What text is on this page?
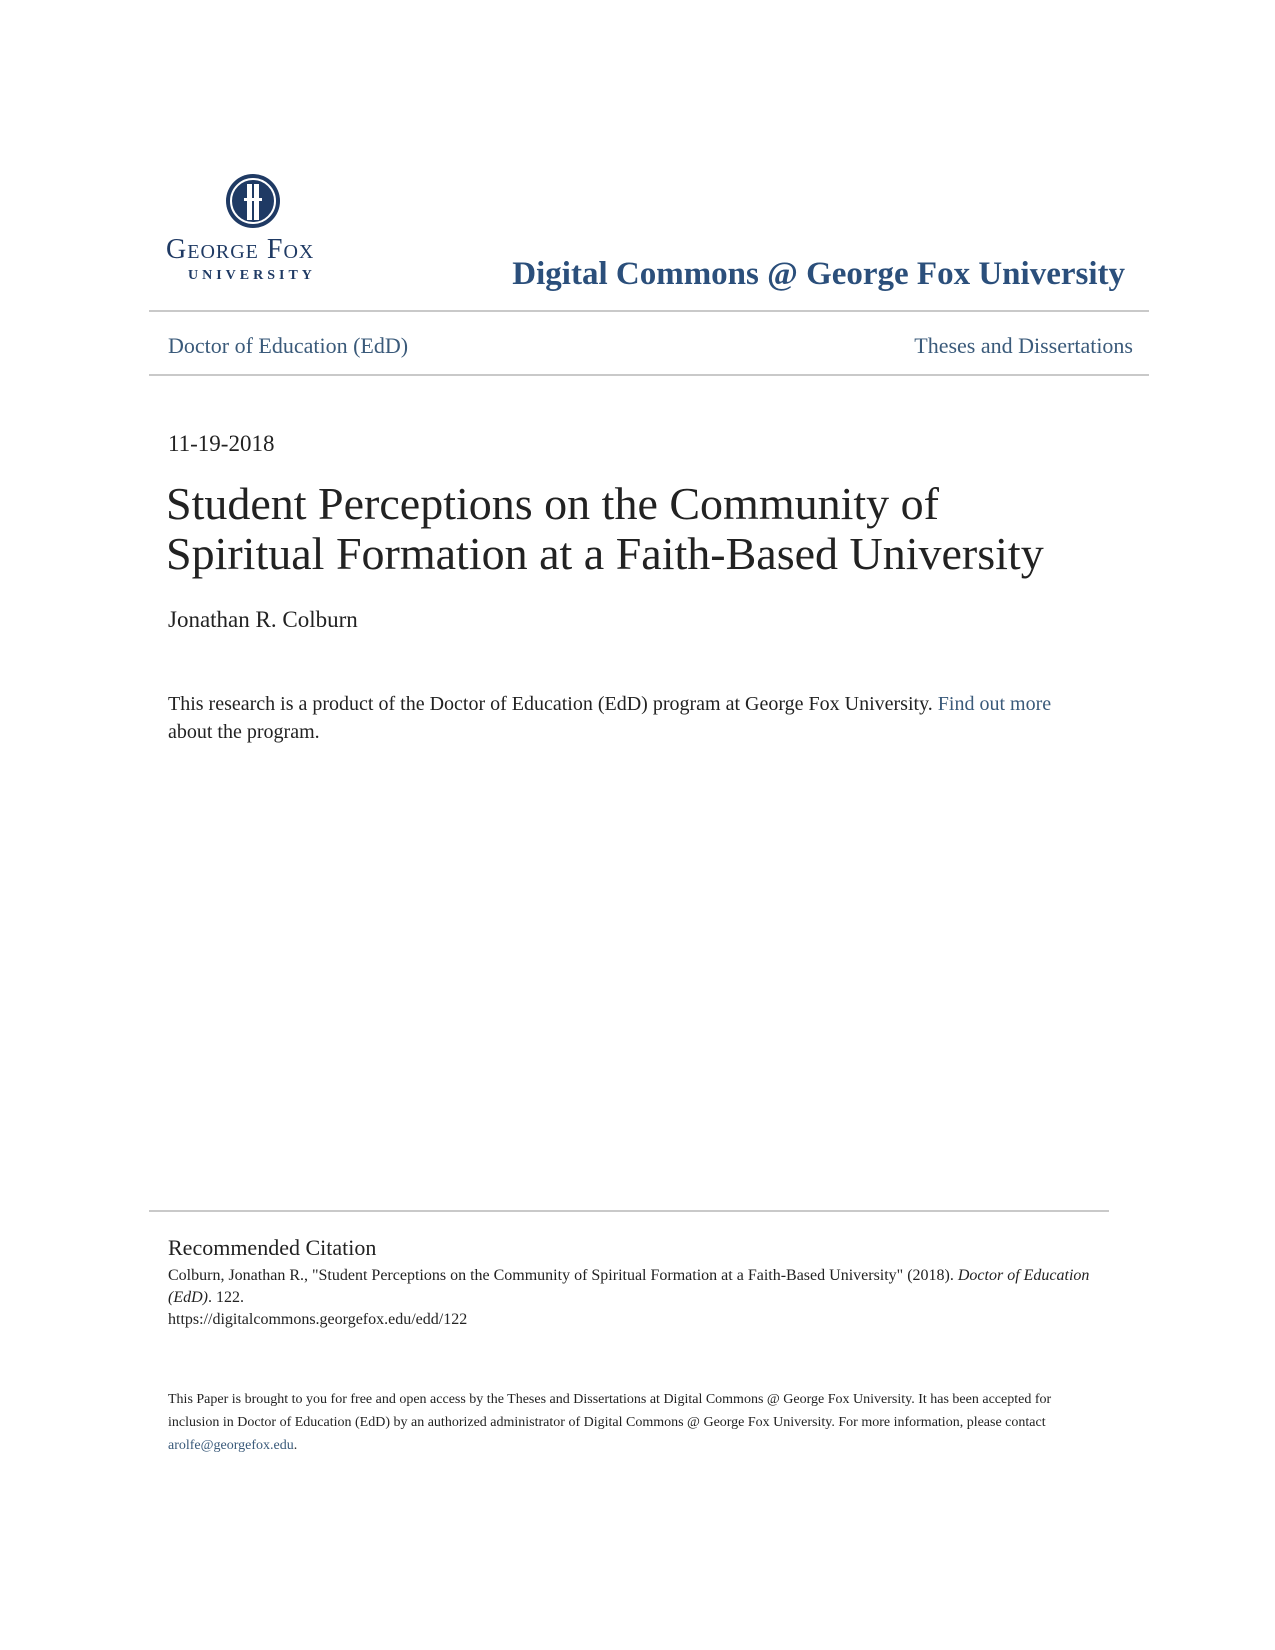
George Fox
UNIVERSITY	Digital Commons @ George Fox University
Doctor of Education (EdD)	Theses and Dissertations
11-19-2018
Student Perceptions on the Community of
Spiritual Formation at a Faith-Based University
Jonathan R. Colburn
This research is a product of the Doctor of Education (EdD) program at George Fox University. Find out more about the program.
Recommended Citation
Colburn, Jonathan R., "Student Perceptions on the Community of Spiritual Formation at a Faith-Based University" (2018). Doctor of Education (EdD). 122.
https://digitalcommons.georgefox.edu/edd/122
This Paper is brought to you for free and open access by the Theses and Dissertations at Digital Commons @ George Fox University. It has been accepted for inclusion in Doctor of Education (EdD) by an authorized administrator of Digital Commons @ George Fox University. For more information, please contact arolfe@georgefox.edu.
